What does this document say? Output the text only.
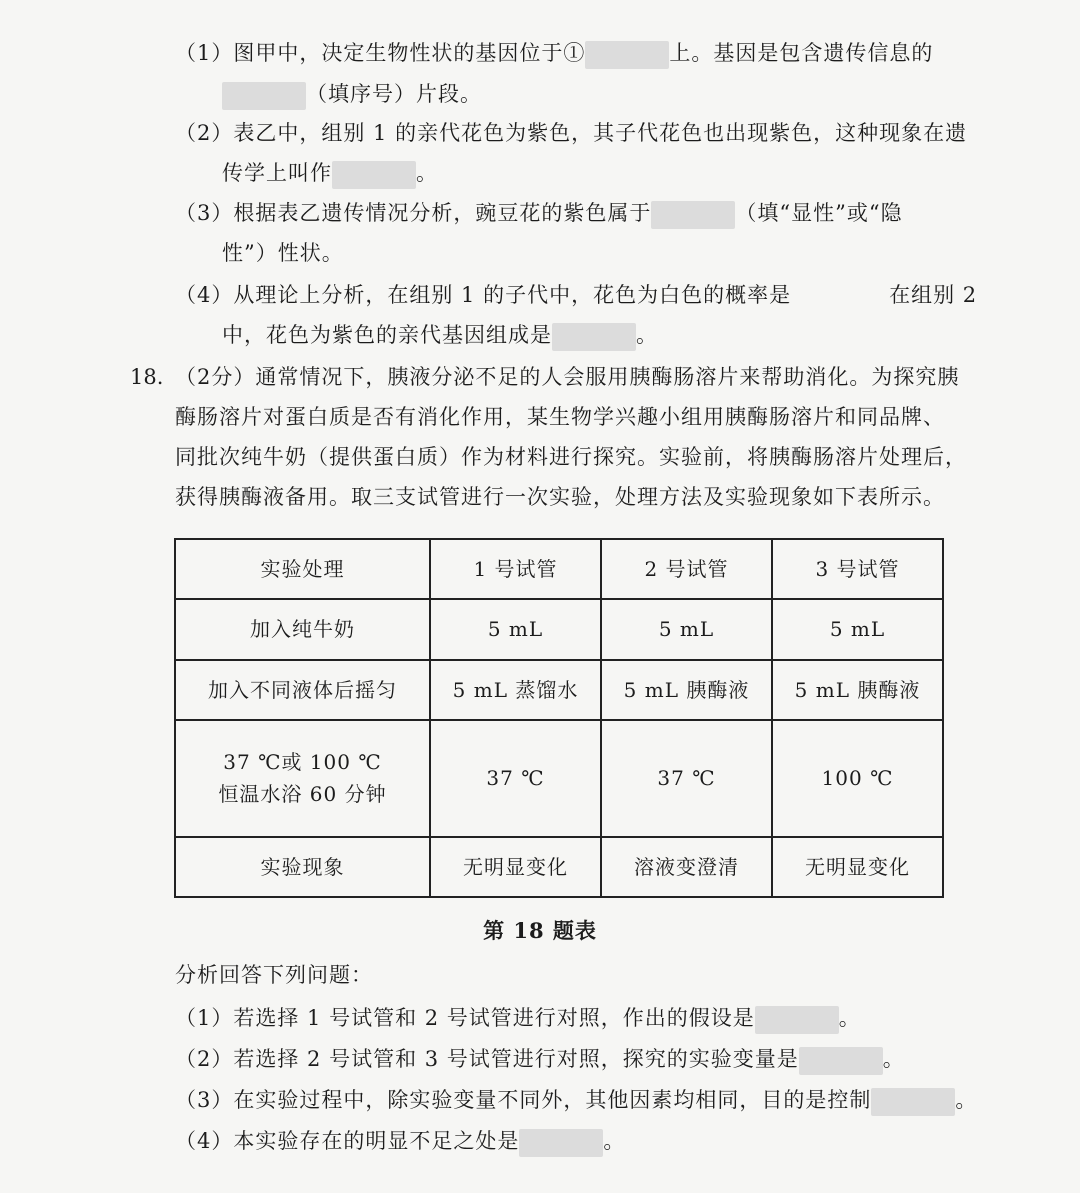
（1）图甲中，决定生物性状的基因位于①	上。基因是包含遗传信息的
（填序号）片段。
（2）表乙中，组别 1 的亲代花色为紫色，其子代花色也出现紫色，这种现象在遗
传学上叫作	。
（3）根据表乙遗传情况分析，豌豆花的紫色属于	（填“显性”或“隐
性”）性状。
（4）从理论上分析，在组别 1 的子代中，花色为白色的概率是	在组别 2
中，花色为紫色的亲代基因组成是	。
18. （2分）通常情况下，胰液分泌不足的人会服用胰酶肠溶片来帮助消化。为探究胰
酶肠溶片对蛋白质是否有消化作用，某生物学兴趣小组用胰酶肠溶片和同品牌、
同批次纯牛奶（提供蛋白质）作为材料进行探究。实验前，将胰酶肠溶片处理后，
获得胰酶液备用。取三支试管进行一次实验，处理方法及实验现象如下表所示。
实验处理	1 号试管	2 号试管	3 号试管
加入纯牛奶	5 mL	5 mL	5 mL
加入不同液体后摇匀	5 mL 蒸馏水	5 mL 胰酶液	5 mL 胰酶液

37 ℃或 100 ℃
恒温水浴 60 分钟	37 ℃	37 ℃	100 ℃
实验现象	无明显变化	溶液变澄清	无明显变化
第 18 题表
分析回答下列问题：
（1）若选择 1 号试管和 2 号试管进行对照，作出的假设是	。
（2）若选择 2 号试管和 3 号试管进行对照，探究的实验变量是	。
（3）在实验过程中，除实验变量不同外，其他因素均相同，目的是控制	。
（4）本实验存在的明显不足之处是	。
